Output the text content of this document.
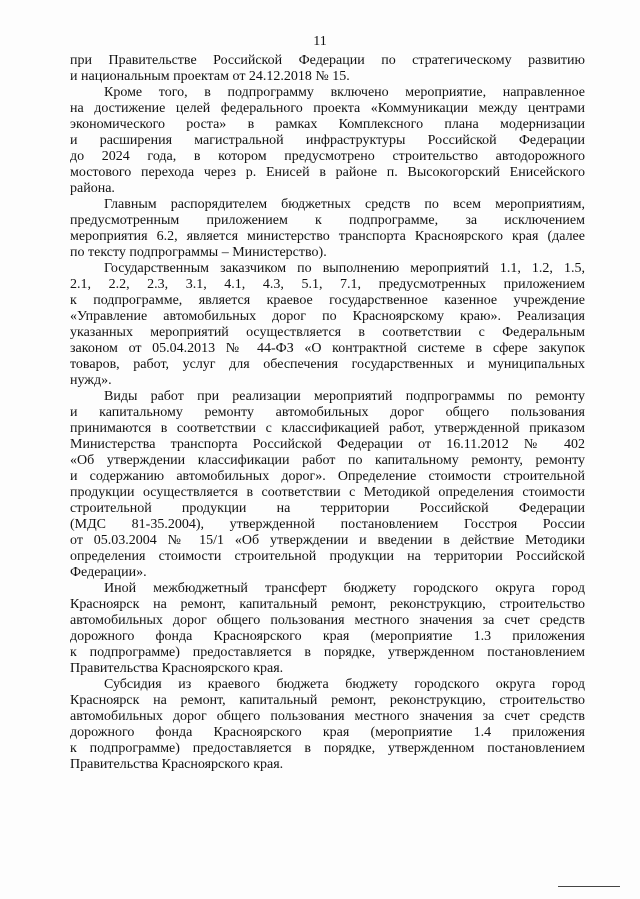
11

при Правительстве Российской Федерации по стратегическому развитию
и национальным проектам от 24.12.2018 № 15.

Кроме того, в подпрограмму включено мероприятие, направленное
на достижение целей федерального проекта «Коммуникации между центрами
экономического роста» в рамках Комплексного плана модернизации
и расширения магистральной инфраструктуры Российской Федерации
до 2024 года, в котором предусмотрено строительство автодорожного
мостового перехода через р. Енисей в районе п. Высокогорский Енисейского
района.

Главным распорядителем бюджетных средств по всем мероприятиям,
предусмотренным приложением к подпрограмме, за исключением
мероприятия 6.2, является министерство транспорта Красноярского края (далее
по тексту подпрограммы – Министерство).

Государственным заказчиком по выполнению мероприятий 1.1, 1.2, 1.5,
2.1, 2.2, 2.3, 3.1, 4.1, 4.3, 5.1, 7.1, предусмотренных приложением
к подпрограмме, является краевое государственное казенное учреждение
«Управление автомобильных дорог по Красноярскому краю». Реализация
указанных мероприятий осуществляется в соответствии с Федеральным
законом от 05.04.2013 № 44-ФЗ «О контрактной системе в сфере закупок
товаров, работ, услуг для обеспечения государственных и муниципальных
нужд».

Виды работ при реализации мероприятий подпрограммы по ремонту
и капитальному ремонту автомобильных дорог общего пользования
принимаются в соответствии с классификацией работ, утвержденной приказом
Министерства транспорта Российской Федерации от 16.11.2012 № 402
«Об утверждении классификации работ по капитальному ремонту, ремонту
и содержанию автомобильных дорог». Определение стоимости строительной
продукции осуществляется в соответствии с Методикой определения стоимости
строительной продукции на территории Российской Федерации
(МДС 81-35.2004), утвержденной постановлением Госстроя России
от 05.03.2004 № 15/1 «Об утверждении и введении в действие Методики
определения стоимости строительной продукции на территории Российской
Федерации».

Иной межбюджетный трансферт бюджету городского округа город
Красноярск на ремонт, капитальный ремонт, реконструкцию, строительство
автомобильных дорог общего пользования местного значения за счет средств
дорожного фонда Красноярского края (мероприятие 1.3 приложения
к подпрограмме) предоставляется в порядке, утвержденном постановлением
Правительства Красноярского края.

Субсидия из краевого бюджета бюджету городского округа город
Красноярск на ремонт, капитальный ремонт, реконструкцию, строительство
автомобильных дорог общего пользования местного значения за счет средств
дорожного фонда Красноярского края (мероприятие 1.4 приложения
к подпрограмме) предоставляется в порядке, утвержденном постановлением
Правительства Красноярского края.
